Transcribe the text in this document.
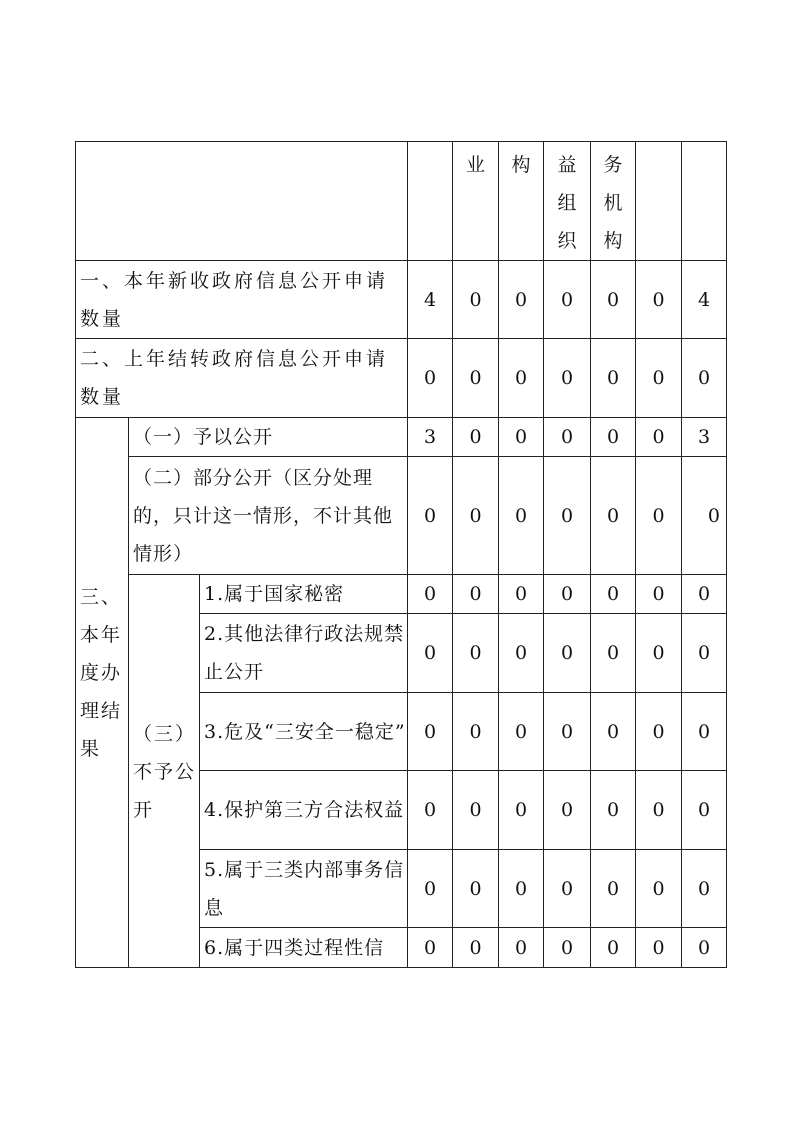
				业	构	益组织	务机构		
一、本年新收政府信息公开申请数量			4	0	0	0	0	0	4
二、上年结转政府信息公开申请数量			0	0	0	0	0	0	0
三、本年度办理结果	（一）予以公开		3	0	0	0	0	0	3
	（二）部分公开（区分处理的，只计这一情形，不计其他情形）		0	0	0	0	0	0	0
	（三）不予公开	1.属于国家秘密	0	0	0	0	0	0	0
		2.其他法律行政法规禁止公开	0	0	0	0	0	0	0
		3.危及“三安全一稳定”	0	0	0	0	0	0	0
		4.保护第三方合法权益	0	0	0	0	0	0	0
		5.属于三类内部事务信息	0	0	0	0	0	0	0
		6.属于四类过程性信	0	0	0	0	0	0	0
